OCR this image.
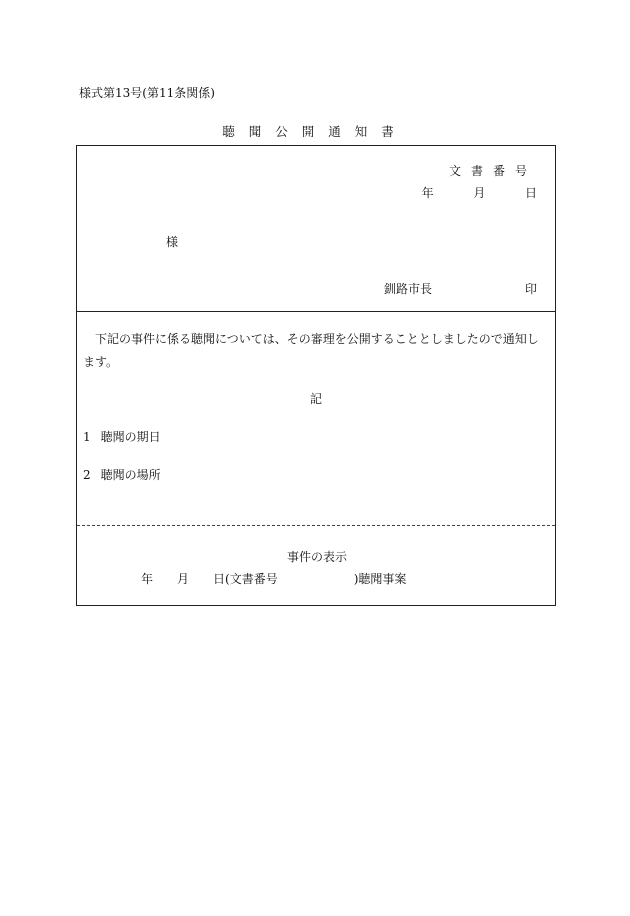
様式第13号(第11条関係)
聴聞公開通知書
文書番号
年	月	日
様
釧路市長	印
下記の事件に係る聴聞については、その審理を公開することとしましたので通知します。
記
1 聴聞の期日
2 聴聞の場所
事件の表示
年 月 日(文書番号	)聴聞事案
